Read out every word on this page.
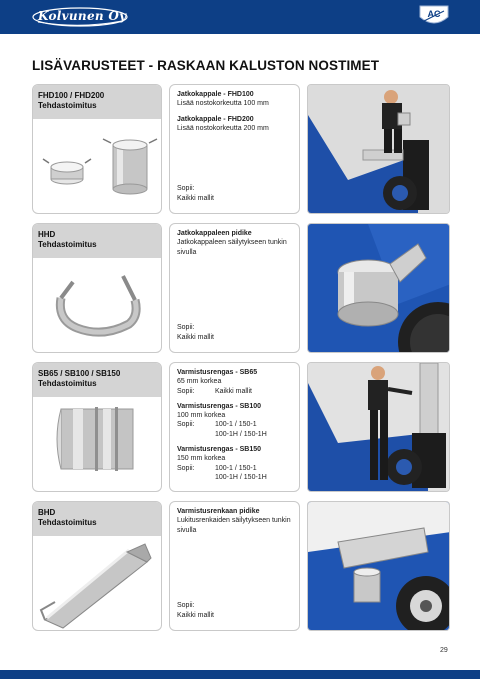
Kolvunen Oy	AC
LISÄVARUSTEET - RASKAAN KALUSTON NOSTIMET
FHD100 / FHD200
Tehdastoimitus
Jatkokappale - FHD100
Lisää nostokorkeutta 100 mm
Jatkokappale - FHD200
Lisää nostokorkeutta 200 mm
Sopii:
Kaikki mallit
HHD
Tehdastoimitus
Jatkokappaleen pidike
Jatkokappaleen säilytykseen tunkin sivulla
Sopii:
Kaikki mallit
SB65 / SB100 / SB150
Tehdastoimitus
Varmistusrengas - SB65
65 mm korkea
Sopii:	Kaikki mallit
Varmistusrengas - SB100
100 mm korkea
Sopii:	100-1 / 150-1
100-1H / 150-1H
Varmistusrengas - SB150
150 mm korkea
Sopii:	100-1 / 150-1
100-1H / 150-1H
BHD
Tehdastoimitus
Varmistusrenkaan pidike
Lukitusrenkaiden säilytykseen tunkin sivulla
Sopii:
Kaikki mallit
29
